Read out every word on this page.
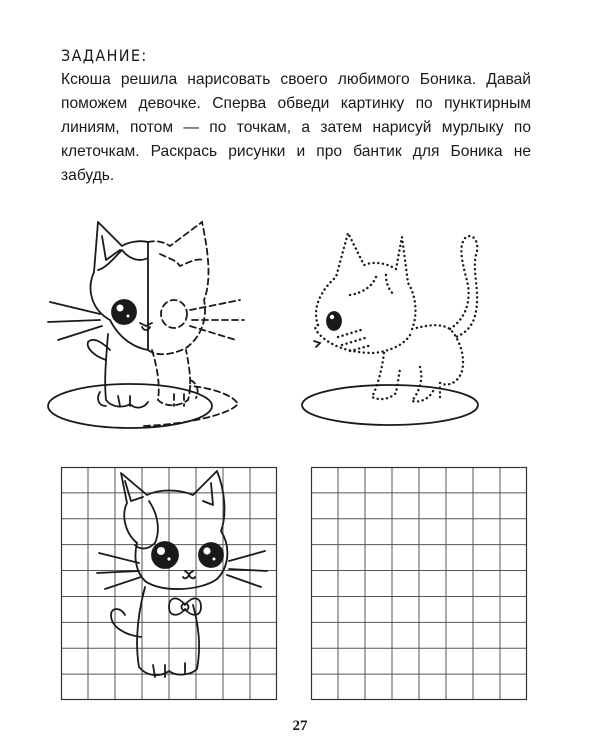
ЗАДАНИЕ:

Ксюша решила нарисовать своего любимого Боника. Давай поможем девочке. Сперва обведи картинку по пунктирным линиям, потом — по точкам, а затем нарисуй мурлыку по клеточкам. Раскрась рисунки и про бантик для Боника не забудь.

27
